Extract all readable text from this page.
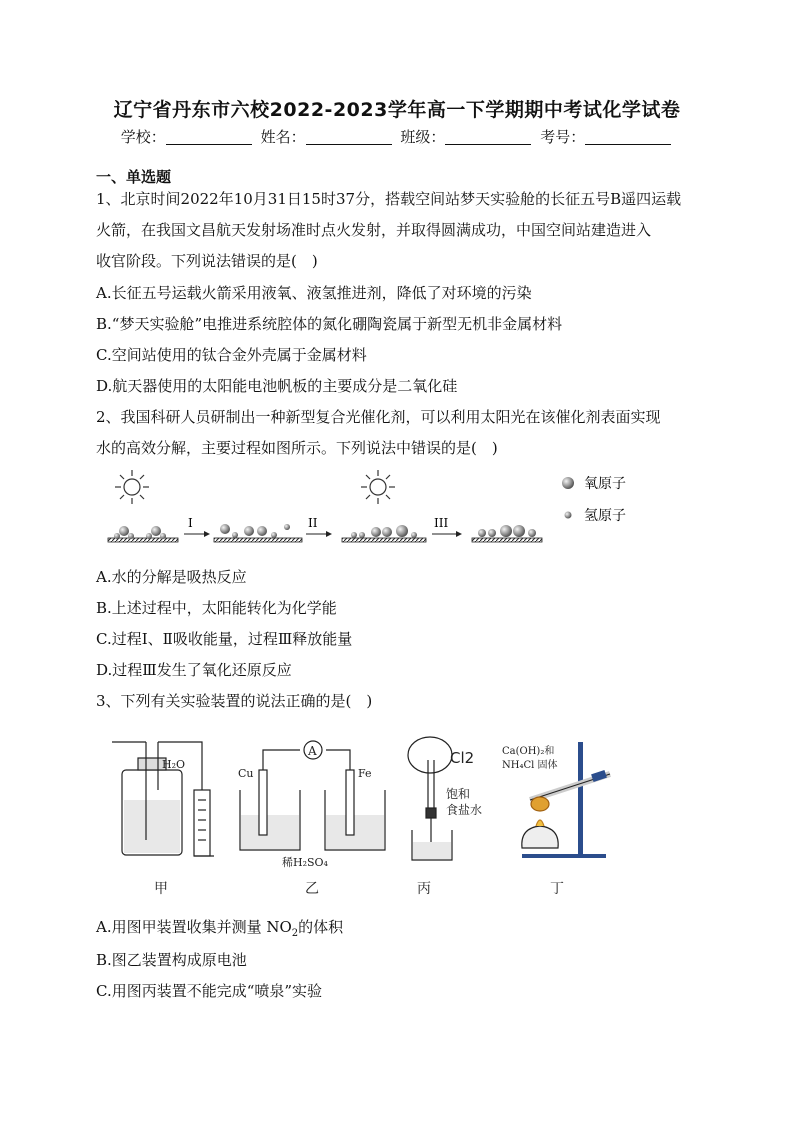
辽宁省丹东市六校2022-2023学年高一下学期期中考试化学试卷
学校：	姓名：	班级：	考号：
一、单选题
1、北京时间2022年10月31日15时37分，搭载空间站梦天实验舱的长征五号B遥四运载
火箭，在我国文昌航天发射场准时点火发射，并取得圆满成功，中国空间站建造进入
收官阶段。下列说法错误的是(　)
A.长征五号运载火箭采用液氧、液氢推进剂，降低了对环境的污染
B.“梦天实验舱”电推进系统腔体的氮化硼陶瓷属于新型无机非金属材料
C.空间站使用的钛合金外壳属于金属材料
D.航天器使用的太阳能电池帆板的主要成分是二氧化硅
2、我国科研人员研制出一种新型复合光催化剂，可以利用太阳光在该催化剂表面实现
水的高效分解，主要过程如图所示。下列说法中错误的是(　)
I	II	III
氧原子
氢原子
A.水的分解是吸热反应
B.上述过程中，太阳能转化为化学能
C.过程Ⅰ、Ⅱ吸收能量，过程Ⅲ释放能量
D.过程Ⅲ发生了氧化还原反应
3、下列有关实验装置的说法正确的是(　)
H₂O
A
Cu	Fe
稀H₂SO₄
Cl2
饱和
食盐水
Ca(OH)₂和
NH₄Cl 固体
甲	乙	丙	丁
A.用图甲装置收集并测量 $NO_2$的体积
B.图乙装置构成原电池
C.用图丙装置不能完成“喷泉”实验
